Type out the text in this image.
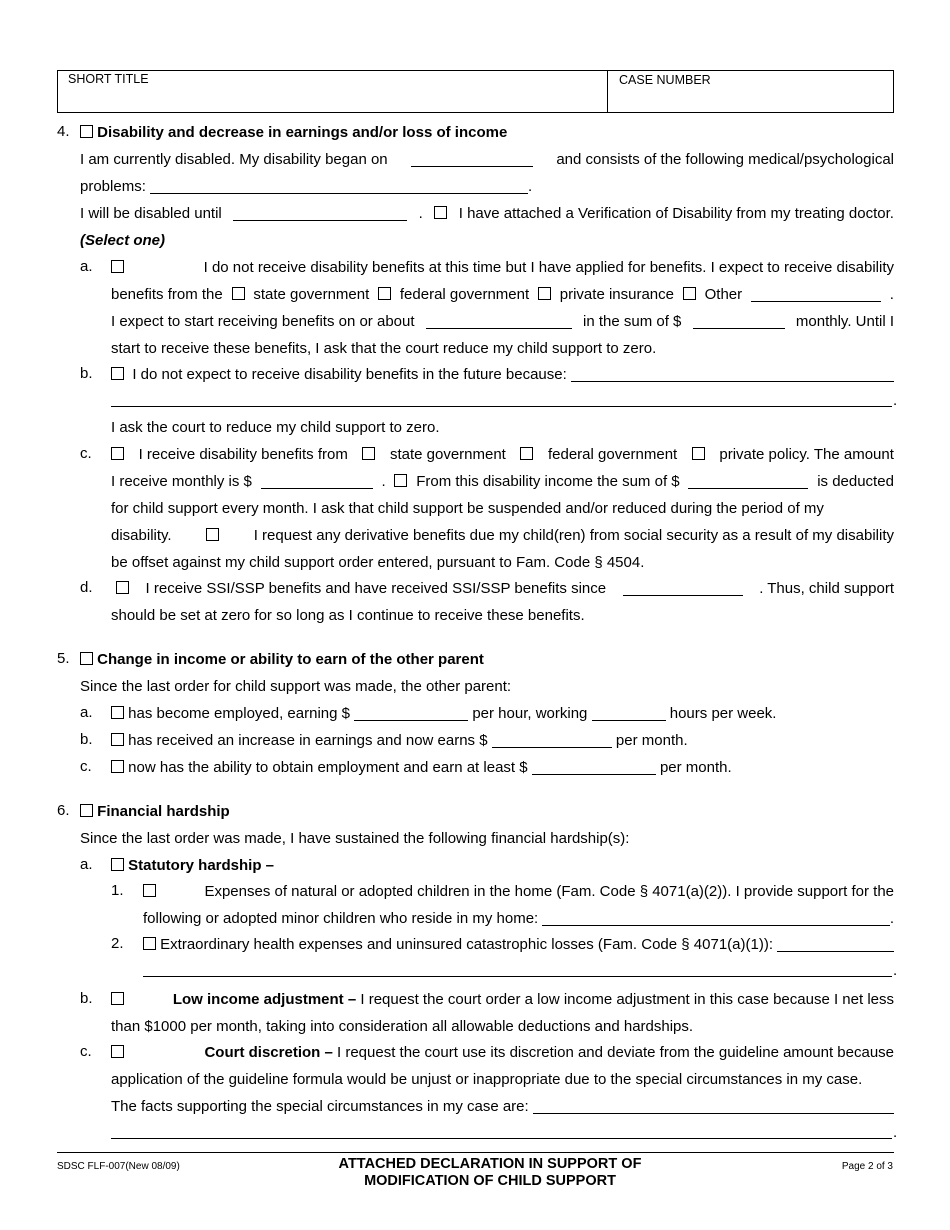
SHORT TITLE	CASE NUMBER
4.
Disability and decrease in earnings and/or loss of income
I am currently disabled. My disability began on	and consists of the following medical/psychological
problems:
	.
I will be disabled until	. I have attached a Verification of Disability from my treating doctor.
(Select one)
a.	I do not receive disability benefits at this time but I have applied for benefits. I expect to receive disability
benefits from the state government federal government private insurance Other	.
I expect to start receiving benefits on or about	in the sum of $	monthly. Until I
start to receive these benefits, I ask that the court reduce my child support to zero.
b.
	I do not expect to receive disability benefits in the future because:

.
I ask the court to reduce my child support to zero.
c.	I receive disability benefits from	state government	federal government	private policy. The amount
I receive monthly is $	. From this disability income the sum of $	is deducted
for child support every month. I ask that child support be suspended and/or reduced during the period of my
disability.	I request any derivative benefits due my child(ren) from social security as a result of my disability
be offset against my child support order entered, pursuant to Fam. Code § 4504.
d.	I receive SSI/SSP benefits and have received SSI/SSP benefits since	. Thus, child support
should be set at zero for so long as I continue to receive these benefits.
5.
Change in income or ability to earn of the other parent
Since the last order for child support was made, the other parent:
a.
has become employed, earning $

	per hour, working

	hours per week.
b.
has received an increase in earnings and now earns $

	per month.
c.
now has the ability to obtain employment and earn at least $

	per month.
6.
Financial hardship
Since the last order was made, I have sustained the following financial hardship(s):
a.
Statutory hardship –
1.	Expenses of natural or adopted children in the home (Fam. Code § 4071(a)(2)). I provide support for the
following or adopted minor children who reside in my home:
	.
2.
Extraordinary health expenses and uninsured catastrophic losses (Fam. Code § 4071(a)(1)):

.
b.	Low income adjustment – I request the court order a low income adjustment in this case because I net less
than $1000 per month, taking into consideration all allowable deductions and hardships.
c.	Court discretion – I request the court use its discretion and deviate from the guideline amount because
application of the guideline formula would be unjust or inappropriate due to the special circumstances in my case.
The facts supporting the special circumstances in my case are:

.
SDSC FLF-007(New 08/09)	ATTACHED DECLARATION IN SUPPORT OF
MODIFICATION OF CHILD SUPPORT
Page 2 of 3
